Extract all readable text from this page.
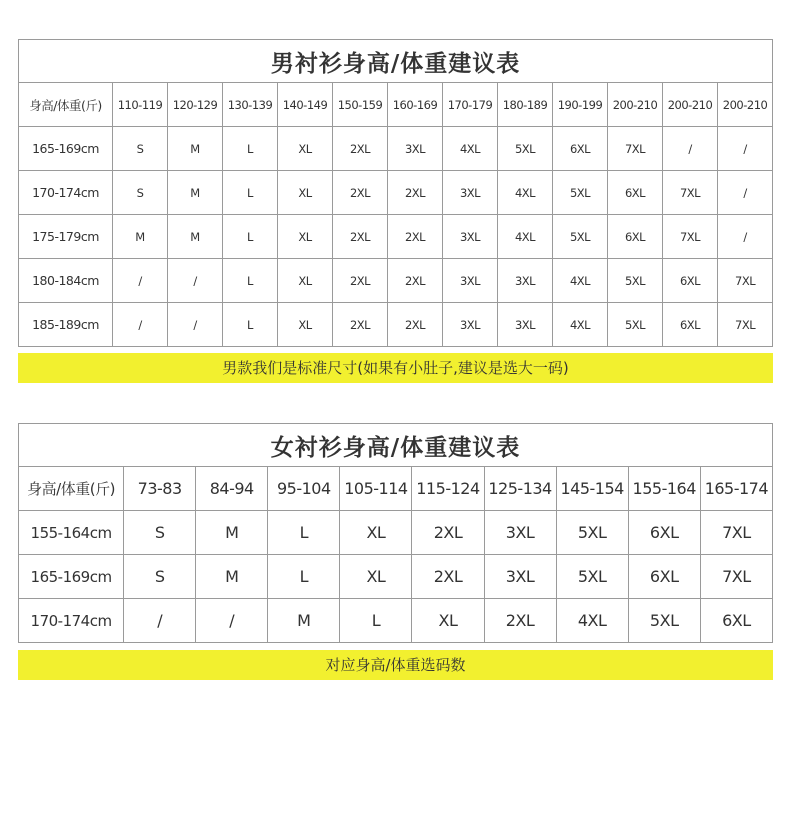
男衬衫身高/体重建议表												
身高/体重(斤)	110-119	120-129	130-139	140-149	150-159	160-169	170-179	180-189	190-199	200-210	200-210	200-210
165-169cm	S	M	L	XL	2XL	3XL	4XL	5XL	6XL	7XL	/	/
170-174cm	S	M	L	XL	2XL	2XL	3XL	4XL	5XL	6XL	7XL	/
175-179cm	M	M	L	XL	2XL	2XL	3XL	4XL	5XL	6XL	7XL	/
180-184cm	/	/	L	XL	2XL	2XL	3XL	3XL	4XL	5XL	6XL	7XL
185-189cm	/	/	L	XL	2XL	2XL	3XL	3XL	4XL	5XL	6XL	7XL
男款我们是标准尺寸(如果有小肚子,建议是选大一码)
女衬衫身高/体重建议表									
身高/体重(斤)	73-83	84-94	95-104	105-114	115-124	125-134	145-154	155-164	165-174
155-164cm	S	M	L	XL	2XL	3XL	5XL	6XL	7XL
165-169cm	S	M	L	XL	2XL	3XL	5XL	6XL	7XL
170-174cm	/	/	M	L	XL	2XL	4XL	5XL	6XL
对应身高/体重选码数
